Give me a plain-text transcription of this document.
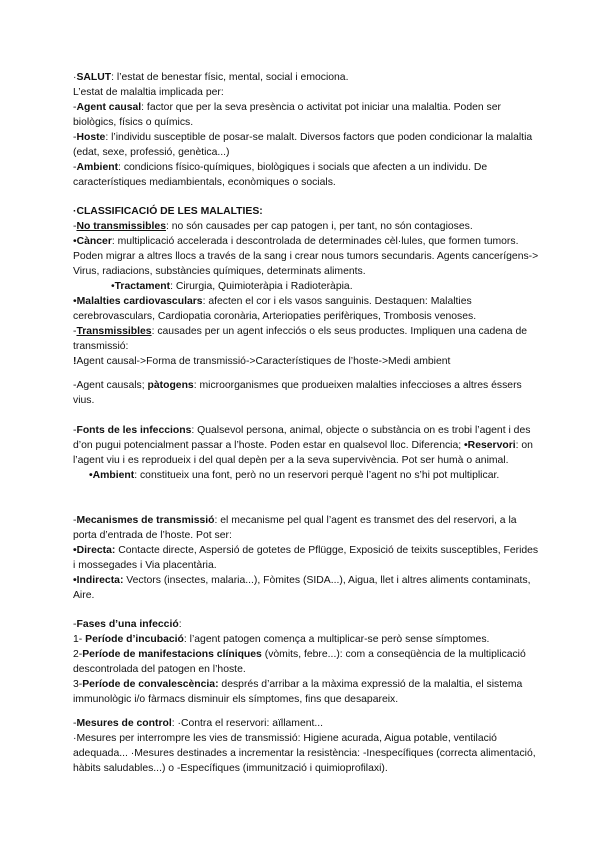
·SALUT: l’estat de benestar físic, mental, social i emociona.
L’estat de malaltia implicada per:
-Agent causal: factor que per la seva presència o activitat pot iniciar una malaltia. Poden ser biològics, físics o químics.
-Hoste: l’individu susceptible de posar-se malalt. Diversos factors que poden condicionar la malaltia (edat, sexe, professió, genètica...)
-Ambient: condicions físico-químiques, biològiques i socials que afecten a un individu. De característiques mediambientals, econòmiques o socials.
·CLASSIFICACIÓ DE LES MALALTIES:
-No transmissibles: no són causades per cap patogen i, per tant, no són contagioses.
•Càncer: multiplicació accelerada i descontrolada de determinades cèl·lules, que formen tumors. Poden migrar a altres llocs a través de la sang i crear nous tumors secundaris. Agents cancerígens-> Virus, radiacions, substàncies químiques, determinats aliments.
•Tractament: Cirurgia, Quimioteràpia i Radioteràpia.
•Malalties cardiovasculars: afecten el cor i els vasos sanguinis. Destaquen: Malalties cerebrovasculars, Cardiopatia coronària, Arteriopaties perifèriques, Trombosis venoses.
-Transmissibles: causades per un agent infecciós o els seus productes. Impliquen una cadena de transmissió:
!Agent causal->Forma de transmissió->Característiques de l’hoste->Medi ambient
-Agent causals; pàtogens: microorganismes que produeixen malalties infeccioses a altres éssers vius.
-Fonts de les infeccions: Qualsevol persona, animal, objecte o substància on es trobi l’agent i des d’on pugui potencialment passar a l’hoste. Poden estar en qualsevol lloc. Diferencia; •Reservori: on l’agent viu i es reprodueix i del qual depèn per a la seva supervivència. Pot ser humà o animal.
•Ambient: constitueix una font, però no un reservori perquè l’agent no s’hi pot multiplicar.
-Mecanismes de transmissió: el mecanisme pel qual l’agent es transmet des del reservori, a la porta d’entrada de l’hoste. Pot ser:
•Directa: Contacte directe, Aspersió de gotetes de Pflügge, Exposició de teixits susceptibles, Ferides i mossegades i Via placentària.
•Indirecta: Vectors (insectes, malaria...), Fòmites (SIDA...), Aigua, llet i altres aliments contaminats, Aire.
-Fases d’una infecció:
1- Període d’incubació: l’agent patogen comença a multiplicar-se però sense símptomes.
2-Període de manifestacions clíniques (vòmits, febre...): com a conseqüència de la multiplicació descontrolada del patogen en l’hoste.
3-Període de convalescència: després d’arribar a la màxima expressió de la malaltia, el sistema immunològic i/o fàrmacs disminuir els símptomes, fins que desapareix.
-Mesures de control: ·Contra el reservori: aïllament...
·Mesures per interrompre les vies de transmissió: Higiene acurada, Aigua potable, ventilació adequada... ·Mesures destinades a incrementar la resistència: -Inespecífiques (correcta alimentació, hàbits saludables...) o -Específiques (immunització i quimioprofilaxi).
